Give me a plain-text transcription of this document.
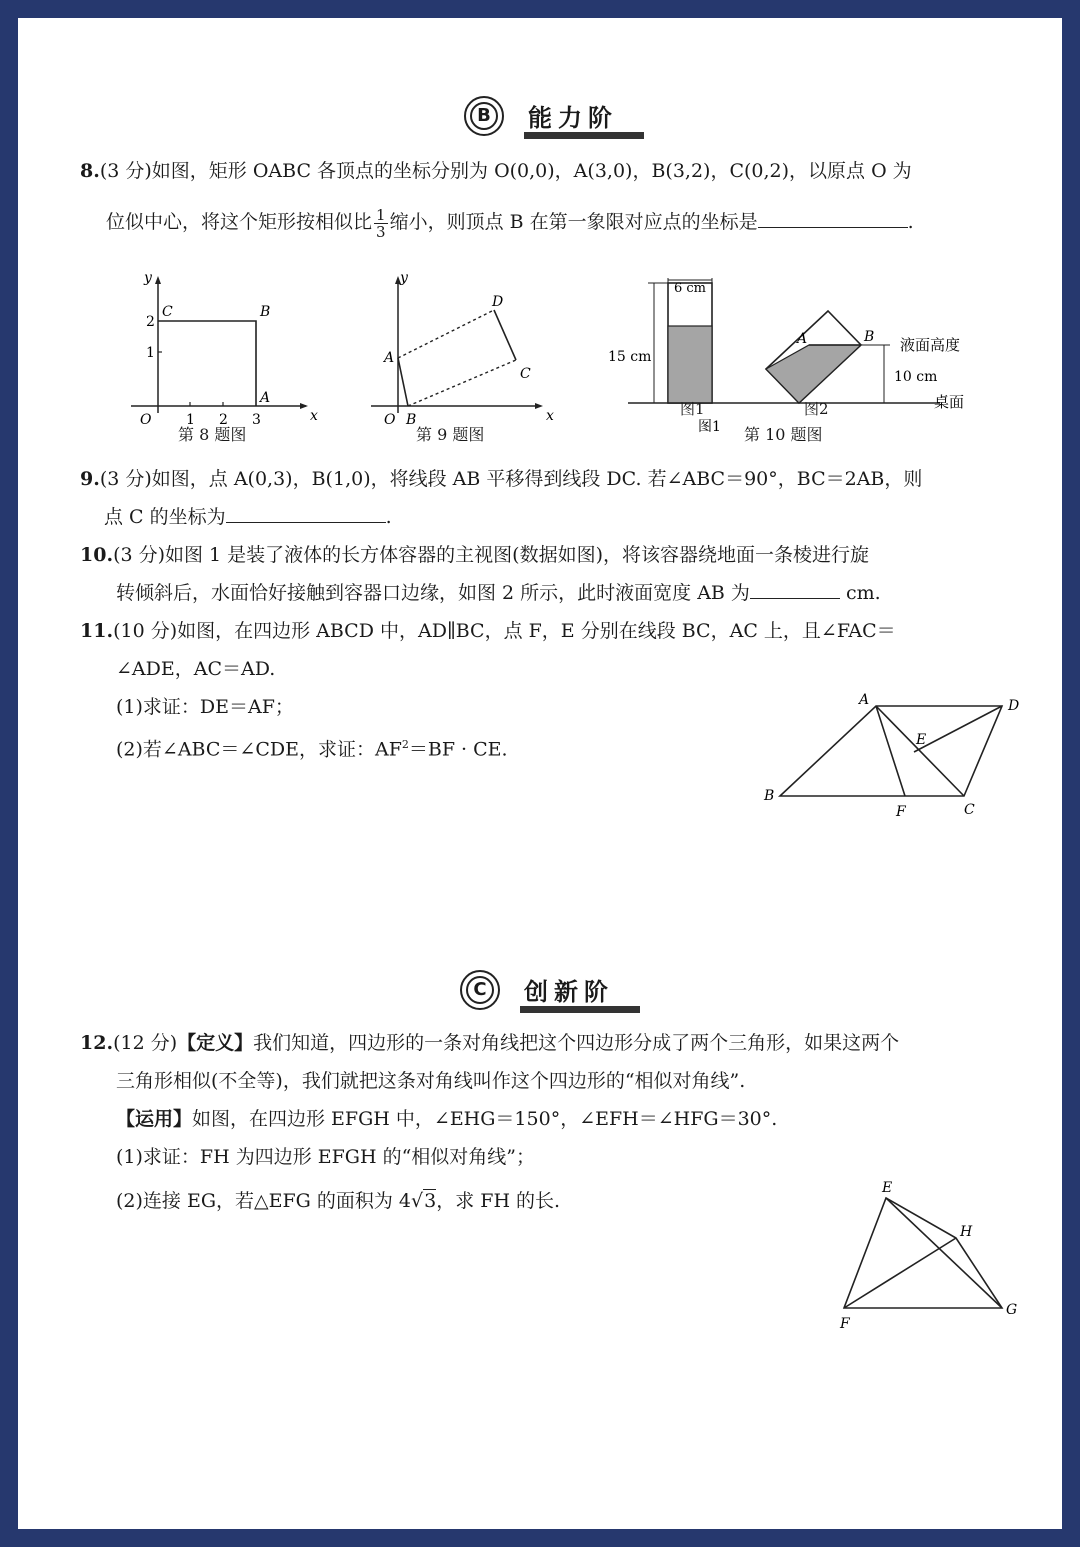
B 能力阶
8.(3 分)如图，矩形 OABC 各顶点的坐标分别为 O(0,0)，A(3,0)，B(3,2)，C(0,2)，以原点 O 为
位似中心，将这个矩形按相似比 $\frac{1}{3}$ 缩小，则顶点 B 在第一象限对应点的坐标是	.
y
x
O
C	B
A
1 2 3
1
2
第 8 题图
y
x
O
A
B
C
D
第 9 题图
6 cm
15 cm
A	B 液面高度
10 cm
桌面
图1
图1	图2
第 10 题图
9.(3 分)如图，点 A(0,3)，B(1,0)，将线段 AB 平移得到线段 DC. 若∠ABC＝90°，BC＝2AB，则
点 C 的坐标为	.
10.(3 分)如图 1 是装了液体的长方体容器的主视图(数据如图)，将该容器绕地面一条棱进行旋
转倾斜后，水面恰好接触到容器口边缘，如图 2 所示，此时液面宽度 AB 为	cm.
11.(10 分)如图，在四边形 ABCD 中，AD∥BC，点 F，E 分别在线段 BC，AC 上，且∠FAC＝
∠ADE，AC＝AD.
(1)求证：DE＝AF；
(2)若∠ABC＝∠CDE，求证：$AF^2=BF$ · CE.
A	D
E
B
C
F
C	创新阶
12.(12 分)【定义】我们知道，四边形的一条对角线把这个四边形分成了两个三角形，如果这两个
三角形相似(不全等)，我们就把这条对角线叫作这个四边形的“相似对角线”.
【运用】如图，在四边形 EFGH 中，∠EHG＝150°，∠EFH＝∠HFG＝30°.
(1)求证：FH 为四边形 EFGH 的“相似对角线”；
(2)连接 EG，若△EFG 的面积为 4√3，求 FH 的长.
E
H
F
G
